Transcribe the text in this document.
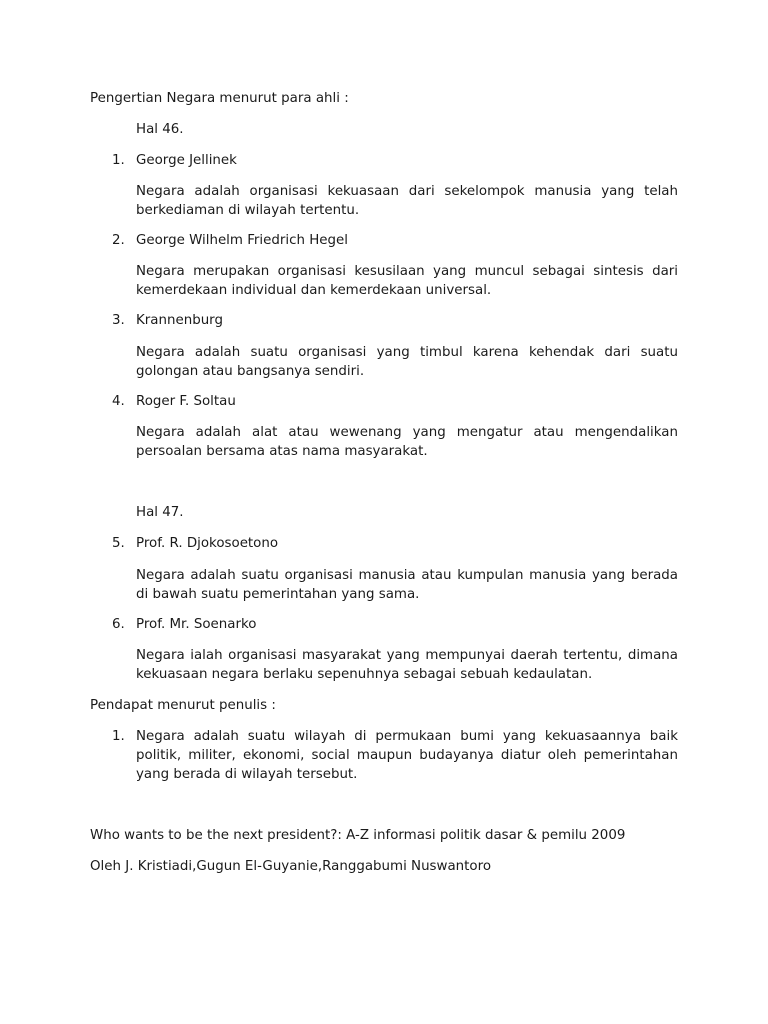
Pengertian Negara menurut para ahli :
Hal 46.
1. George Jellinek
Negara adalah organisasi kekuasaan dari sekelompok manusia yang telah berkediaman di wilayah tertentu.
2. George Wilhelm Friedrich Hegel
Negara merupakan organisasi kesusilaan yang muncul sebagai sintesis dari kemerdekaan individual dan kemerdekaan universal.
3. Krannenburg
Negara adalah suatu organisasi yang timbul karena kehendak dari suatu golongan atau bangsanya sendiri.
4. Roger F. Soltau
Negara adalah alat atau wewenang yang mengatur atau mengendalikan persoalan bersama atas nama masyarakat.
Hal 47.
5. Prof. R. Djokosoetono
Negara adalah suatu organisasi manusia atau kumpulan manusia yang berada di bawah suatu pemerintahan yang sama.
6. Prof. Mr. Soenarko
Negara ialah organisasi masyarakat yang mempunyai daerah tertentu, dimana kekuasaan negara berlaku sepenuhnya sebagai sebuah kedaulatan.
Pendapat menurut penulis :
1. Negara adalah suatu wilayah di permukaan bumi yang kekuasaannya baik politik, militer, ekonomi, social maupun budayanya diatur oleh pemerintahan yang berada di wilayah tersebut.
Who wants to be the next president?: A-Z informasi politik dasar & pemilu 2009
Oleh J. Kristiadi,Gugun El-Guyanie,Ranggabumi Nuswantoro
